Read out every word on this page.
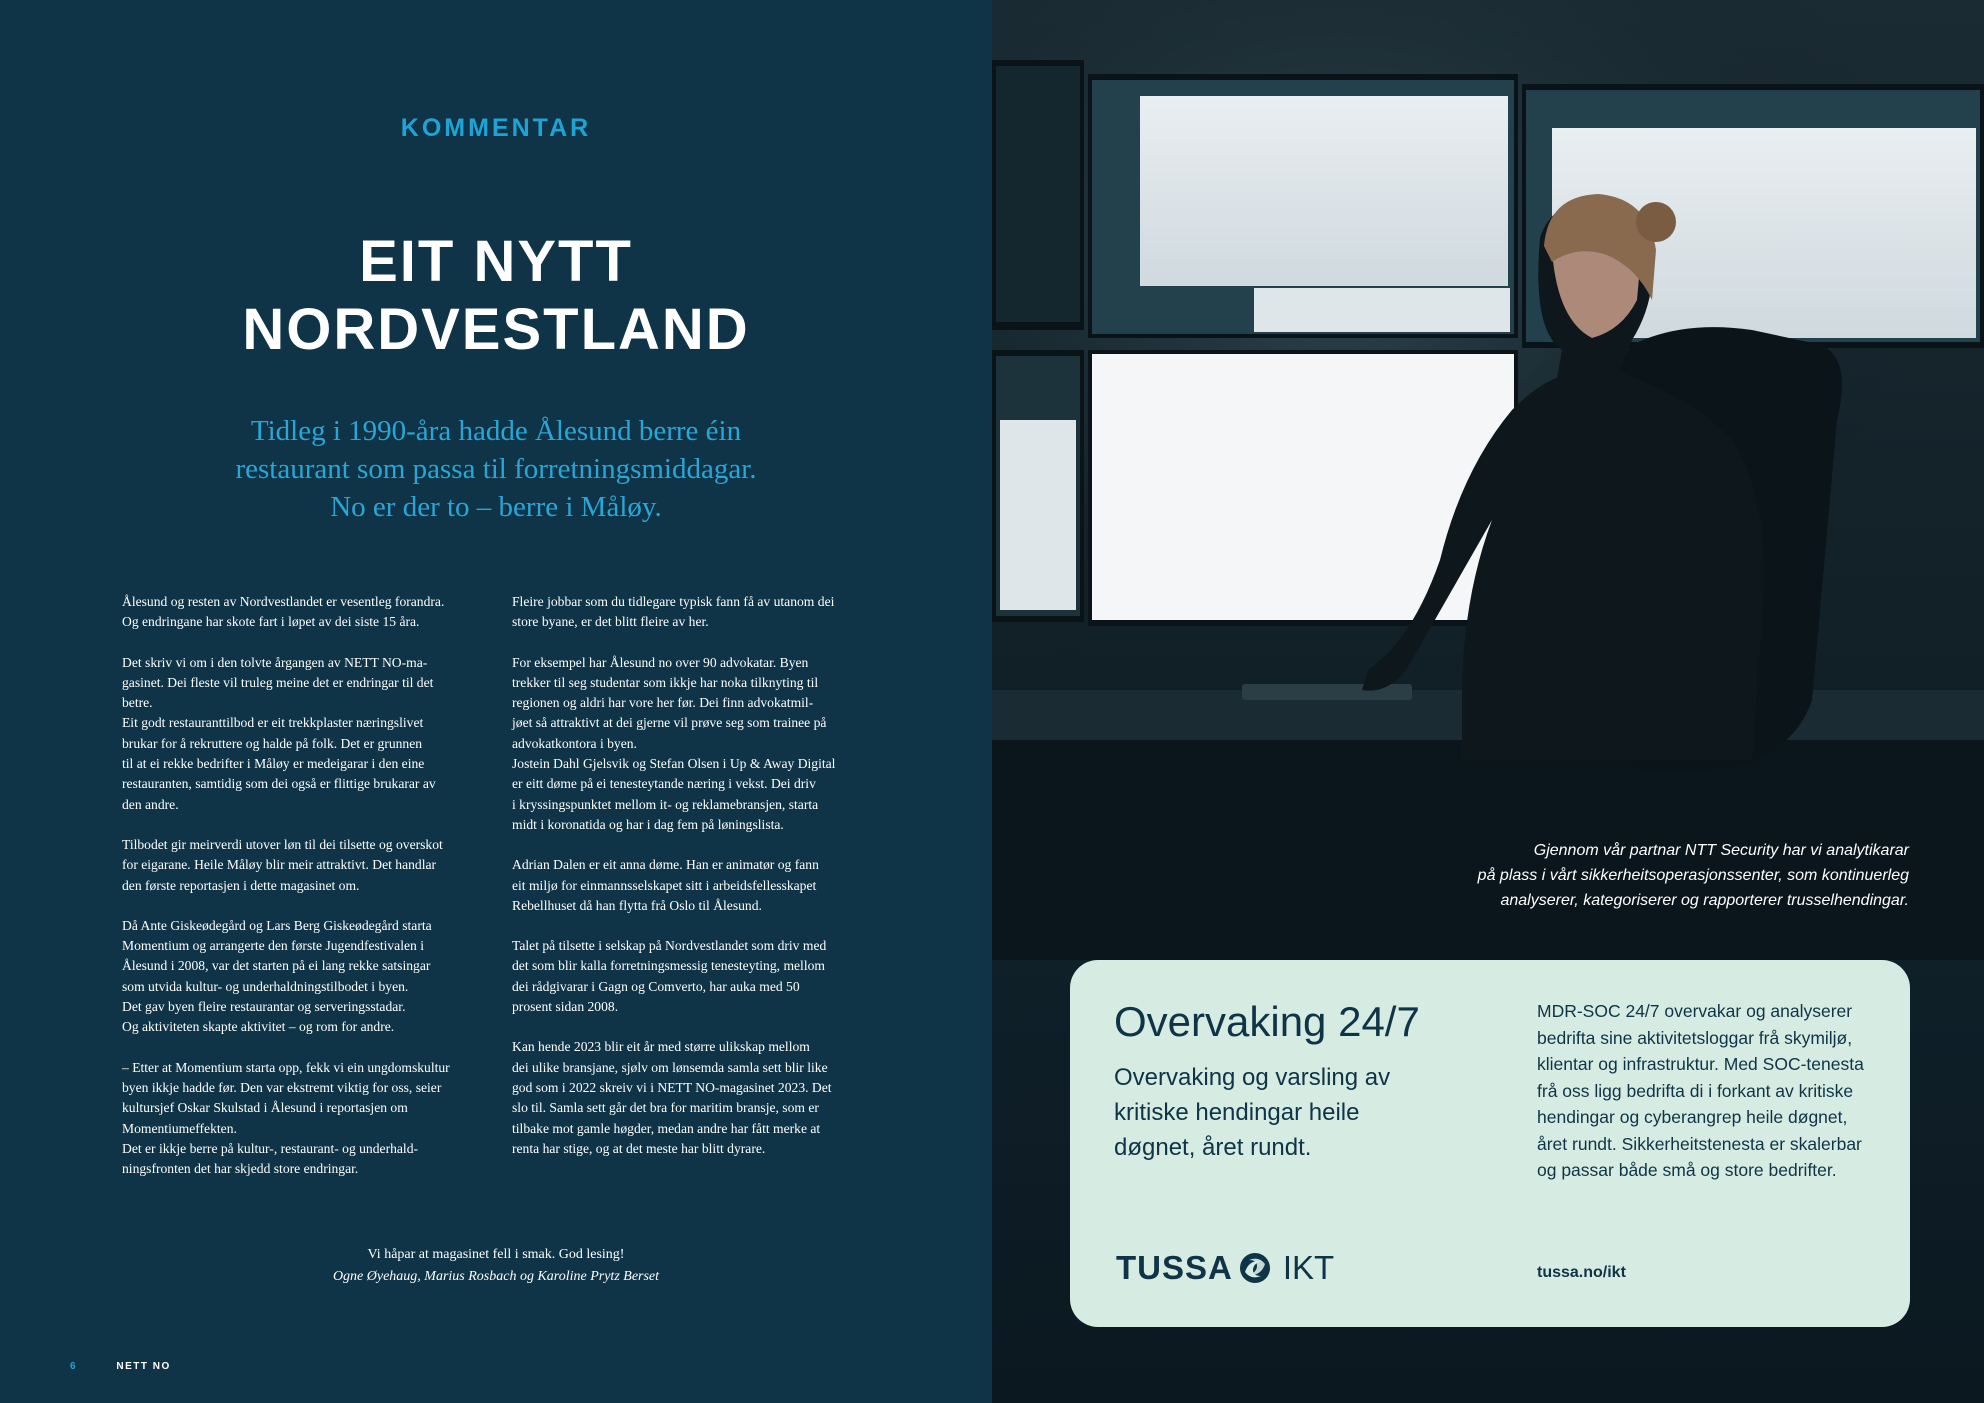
KOMMENTAR
EIT NYTT
NORDVESTLAND
Tidleg i 1990-åra hadde Ålesund berre éin
restaurant som passa til forretningsmiddagar.
No er der to – berre i Måløy.

Ålesund og resten av Nordvestlandet er vesentleg forandra.
Og endringane har skote fart i løpet av dei siste 15 åra.

Det skriv vi om i den tolvte årgangen av NETT NO-ma-
gasinet. Dei fleste vil truleg meine det er endringar til det
betre.
Eit godt restauranttilbod er eit trekkplaster næringslivet
brukar for å rekruttere og halde på folk. Det er grunnen
til at ei rekke bedrifter i Måløy er medeigarar i den eine
restauranten, samtidig som dei også er flittige brukarar av
den andre.

Tilbodet gir meirverdi utover løn til dei tilsette og overskot
for eigarane. Heile Måløy blir meir attraktivt. Det handlar
den første reportasjen i dette magasinet om.

Då Ante Giskeødegård og Lars Berg Giskeødegård starta
Momentium og arrangerte den første Jugendfestivalen i
Ålesund i 2008, var det starten på ei lang rekke satsingar
som utvida kultur- og underhaldningstilbodet i byen.
Det gav byen fleire restaurantar og serveringsstadar.
Og aktiviteten skapte aktivitet – og rom for andre.

– Etter at Momentium starta opp, fekk vi ein ungdomskultur
byen ikkje hadde før. Den var ekstremt viktig for oss, seier
kultursjef Oskar Skulstad i Ålesund i reportasjen om
Momentiumeffekten.
Det er ikkje berre på kultur-, restaurant- og underhald-
ningsfronten det har skjedd store endringar.

Fleire jobbar som du tidlegare typisk fann få av utanom dei
store byane, er det blitt fleire av her.

For eksempel har Ålesund no over 90 advokatar. Byen
trekker til seg studentar som ikkje har noka tilknyting til
regionen og aldri har vore her før. Dei finn advokatmil-
jøet så attraktivt at dei gjerne vil prøve seg som trainee på
advokatkontora i byen.
Jostein Dahl Gjelsvik og Stefan Olsen i Up & Away Digital
er eitt døme på ei tenesteytande næring i vekst. Dei driv
i kryssingspunktet mellom it- og reklamebransjen, starta
midt i koronatida og har i dag fem på løningslista.

Adrian Dalen er eit anna døme. Han er animatør og fann
eit miljø for einmannsselskapet sitt i arbeidsfellesskapet
Rebellhuset då han flytta frå Oslo til Ålesund.

Talet på tilsette i selskap på Nordvestlandet som driv med
det som blir kalla forretningsmessig tenesteyting, mellom
dei rådgivarar i Gagn og Comverto, har auka med 50
prosent sidan 2008.

Kan hende 2023 blir eit år med større ulikskap mellom
dei ulike bransjane, sjølv om lønsemda samla sett blir like
god som i 2022 skreiv vi i NETT NO-magasinet 2023. Det
slo til. Samla sett går det bra for maritim bransje, som er
tilbake mot gamle høgder, medan andre har fått merke at
renta har stige, og at det meste har blitt dyrare.

Vi håpar at magasinet fell i smak. God lesing!
Ogne Øyehaug, Marius Rosbach og Karoline Prytz Berset
6	NETT NO
Gjennom vår partnar NTT Security har vi analytikarar
på plass i vårt sikkerheitsoperasjonssenter, som kontinuerleg
analyserer, kategoriserer og rapporterer trusselhendingar.
Overvaking 24/7
Overvaking og varsling av
kritiske hendingar heile
døgnet, året rundt.
MDR-SOC 24/7 overvakar og analyserer
bedrifta sine aktivitetsloggar frå skymiljø,
klientar og infrastruktur. Med SOC-tenesta
frå oss ligg bedrifta di i forkant av kritiske
hendingar og cyberangrep heile døgnet,
året rundt. Sikkerheitstenesta er skalerbar
og passar både små og store bedrifter.
TUSSA IKT	tussa.no/ikt
